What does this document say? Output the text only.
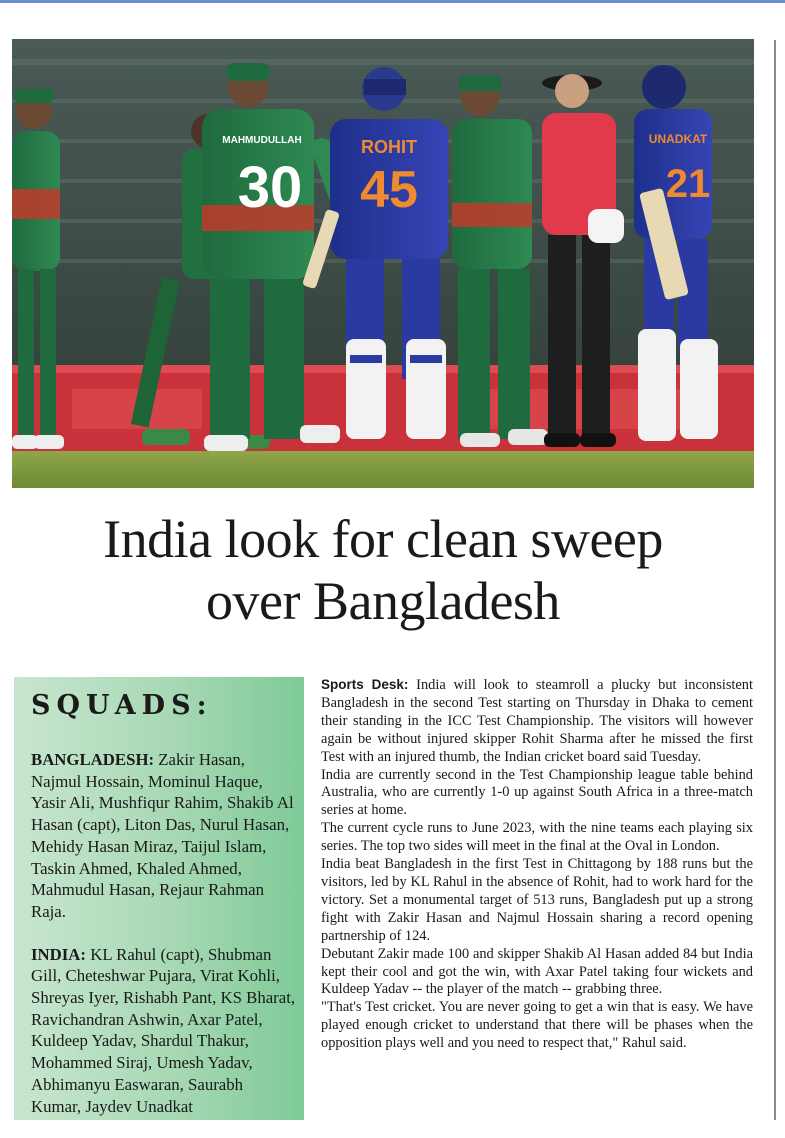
MAHMUDULLAH
30
ROHIT
45
UNADKAT
21
India look for clean sweep
over Bangladesh
SQUADS:

BANGLADESH: Zakir Hasan, Najmul Hossain, Mominul Haque, Yasir Ali, Mushfiqur Rahim, Shakib Al Hasan (capt), Liton Das, Nurul Hasan, Mehidy Hasan Miraz, Taijul Islam, Taskin Ahmed, Khaled Ahmed, Mahmudul Hasan, Rejaur Rahman Raja.

INDIA: KL Rahul (capt), Shubman Gill, Cheteshwar Pujara, Virat Kohli, Shreyas Iyer, Rishabh Pant, KS Bharat, Ravichandran Ashwin, Axar Patel, Kuldeep Yadav, Shardul Thakur, Mohammed Siraj, Umesh Yadav, Abhimanyu Easwaran, Saurabh Kumar, Jaydev Unadkat

Sports Desk: India will look to steamroll a plucky but inconsistent Bangladesh in the second Test starting on Thursday in Dhaka to cement their standing in the ICC Test Championship. The visitors will however again be without injured skipper Rohit Sharma after he missed the first Test with an injured thumb, the Indian cricket board said Tuesday.

India are currently second in the Test Championship league table behind Australia, who are currently 1-0 up against South Africa in a three-match series at home.

The current cycle runs to June 2023, with the nine teams each playing six series. The top two sides will meet in the final at the Oval in London.

India beat Bangladesh in the first Test in Chittagong by 188 runs but the visitors, led by KL Rahul in the absence of Rohit, had to work hard for the victory. Set a monumental target of 513 runs, Bangladesh put up a strong fight with Zakir Hasan and Najmul Hossain sharing a record opening partnership of 124.

Debutant Zakir made 100 and skipper Shakib Al Hasan added 84 but India kept their cool and got the win, with Axar Patel taking four wickets and Kuldeep Yadav -- the player of the match -- grabbing three.

"That's Test cricket. You are never going to get a win that is easy. We have played enough cricket to understand that there will be phases when the opposition plays well and you need to respect that," Rahul said.
